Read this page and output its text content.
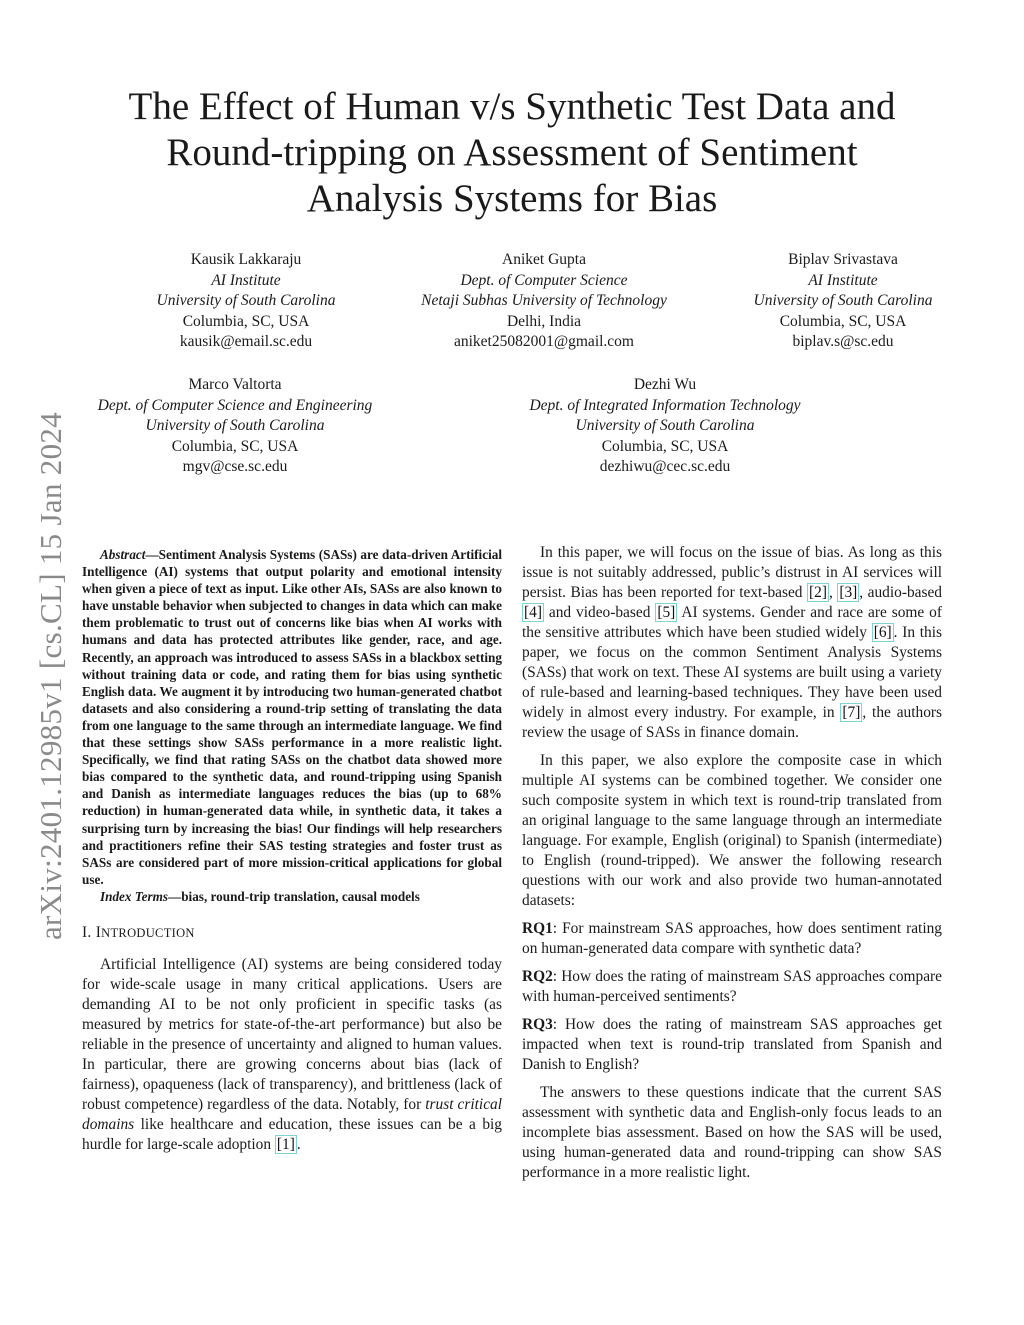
arXiv:2401.12985v1 [cs.CL] 15 Jan 2024
The Effect of Human v/s Synthetic Test Data and
Round-tripping on Assessment of Sentiment
Analysis Systems for Bias
Kausik Lakkaraju
AI Institute
University of South Carolina
Columbia, SC, USA
kausik@email.sc.edu
Aniket Gupta
Dept. of Computer Science
Netaji Subhas University of Technology
Delhi, India
aniket25082001@gmail.com
Biplav Srivastava
AI Institute
University of South Carolina
Columbia, SC, USA
biplav.s@sc.edu
Marco Valtorta
Dept. of Computer Science and Engineering
University of South Carolina
Columbia, SC, USA
mgv@cse.sc.edu
Dezhi Wu
Dept. of Integrated Information Technology
University of South Carolina
Columbia, SC, USA
dezhiwu@cec.sc.edu

Abstract—Sentiment Analysis Systems (SASs) are data-driven Artificial Intelligence (AI) systems that output polarity and emotional intensity when given a piece of text as input. Like other AIs, SASs are also known to have unstable behavior when subjected to changes in data which can make them problematic to trust out of concerns like bias when AI works with humans and data has protected attributes like gender, race, and age. Recently, an approach was introduced to assess SASs in a blackbox setting without training data or code, and rating them for bias using synthetic English data. We augment it by introducing two human-generated chatbot datasets and also considering a round-trip setting of translating the data from one language to the same through an intermediate language. We find that these settings show SASs performance in a more realistic light. Specifically, we find that rating SASs on the chatbot data showed more bias compared to the synthetic data, and round-tripping using Spanish and Danish as intermediate languages reduces the bias (up to 68% reduction) in human-generated data while, in synthetic data, it takes a surprising turn by increasing the bias! Our findings will help researchers and practitioners refine their SAS testing strategies and foster trust as SASs are considered part of more mission-critical applications for global use.

Index Terms—bias, round-trip translation, causal models

I. INTRODUCTION

Artificial Intelligence (AI) systems are being considered today for wide-scale usage in many critical applications. Users are demanding AI to be not only proficient in specific tasks (as measured by metrics for state-of-the-art performance) but also be reliable in the presence of uncertainty and aligned to human values. In particular, there are growing concerns about bias (lack of fairness), opaqueness (lack of transparency), and brittleness (lack of robust competence) regardless of the data. Notably, for trust critical domains like healthcare and education, these issues can be a big hurdle for large-scale adoption [1] .

In this paper, we will focus on the issue of bias. As long as this issue is not suitably addressed, public’s distrust in AI services will persist. Bias has been reported for text-based [2] , [3] , audio-based [4] and video-based [5] AI systems. Gender and race are some of the sensitive attributes which have been studied widely [6] . In this paper, we focus on the common Sentiment Analysis Systems (SASs) that work on text. These AI systems are built using a variety of rule-based and learning-based techniques. They have been used widely in almost every industry. For example, in [7] , the authors review the usage of SASs in finance domain.

In this paper, we also explore the composite case in which multiple AI systems can be combined together. We consider one such composite system in which text is round-trip translated from an original language to the same language through an intermediate language. For example, English (original) to Spanish (intermediate) to English (round-tripped). We answer the following research questions with our work and also provide two human-annotated datasets:

RQ1: For mainstream SAS approaches, how does sentiment rating on human-generated data compare with synthetic data?

RQ2: How does the rating of mainstream SAS approaches compare with human-perceived sentiments?

RQ3: How does the rating of mainstream SAS approaches get impacted when text is round-trip translated from Spanish and Danish to English?

The answers to these questions indicate that the current SAS assessment with synthetic data and English-only focus leads to an incomplete bias assessment. Based on how the SAS will be used, using human-generated data and round-tripping can show SAS performance in a more realistic light.
